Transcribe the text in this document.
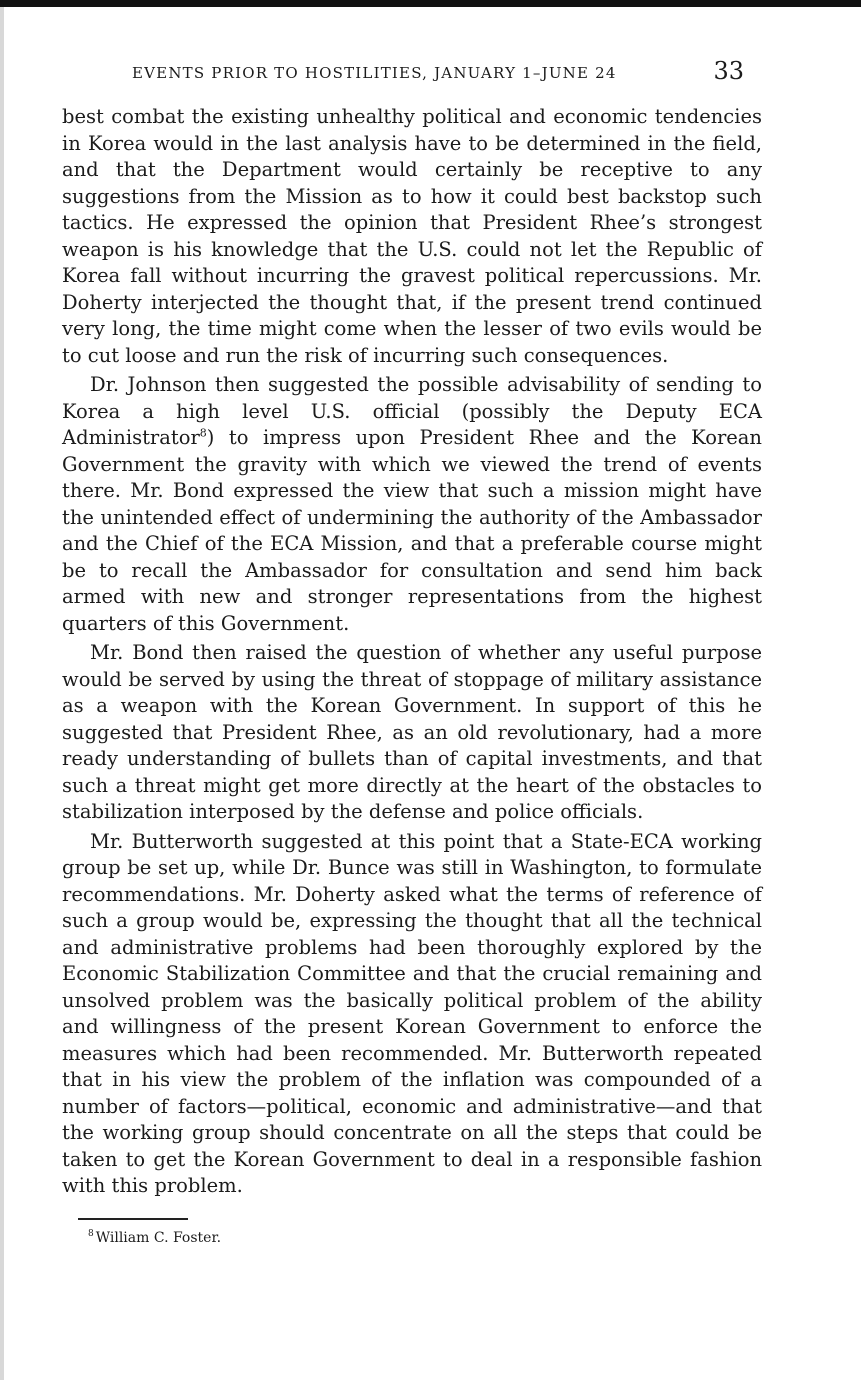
EVENTS PRIOR TO HOSTILITIES, JANUARY 1–JUNE 24	33

best combat the existing unhealthy political and economic tendencies in Korea would in the last analysis have to be determined in the field, and that the Department would certainly be receptive to any suggestions from the Mission as to how it could best backstop such tactics. He expressed the opinion that President Rhee’s strongest weapon is his knowledge that the U.S. could not let the Republic of Korea fall without incurring the gravest political repercussions. Mr. Doherty interjected the thought that, if the present trend continued very long, the time might come when the lesser of two evils would be to cut loose and run the risk of incurring such consequences.

Dr. Johnson then suggested the possible advisability of sending to Korea a high level U.S. official (possibly the Deputy ECA Administrator$^8$) to impress upon President Rhee and the Korean Government the gravity with which we viewed the trend of events there. Mr. Bond expressed the view that such a mission might have the unintended effect of undermining the authority of the Ambassador and the Chief of the ECA Mission, and that a preferable course might be to recall the Ambassador for consultation and send him back armed with new and stronger representations from the highest quarters of this Government.

Mr. Bond then raised the question of whether any useful purpose would be served by using the threat of stoppage of military assistance as a weapon with the Korean Government. In support of this he suggested that President Rhee, as an old revolutionary, had a more ready understanding of bullets than of capital investments, and that such a threat might get more directly at the heart of the obstacles to stabilization interposed by the defense and police officials.

Mr. Butterworth suggested at this point that a State-ECA working group be set up, while Dr. Bunce was still in Washington, to formulate recommendations. Mr. Doherty asked what the terms of reference of such a group would be, expressing the thought that all the technical and administrative problems had been thoroughly explored by the Economic Stabilization Committee and that the crucial remaining and unsolved problem was the basically political problem of the ability and willingness of the present Korean Government to enforce the measures which had been recommended. Mr. Butterworth repeated that in his view the problem of the inflation was compounded of a number of factors—political, economic and administrative—and that the working group should concentrate on all the steps that could be taken to get the Korean Government to deal in a responsible fashion with this problem.

$^8$ William C. Foster.
